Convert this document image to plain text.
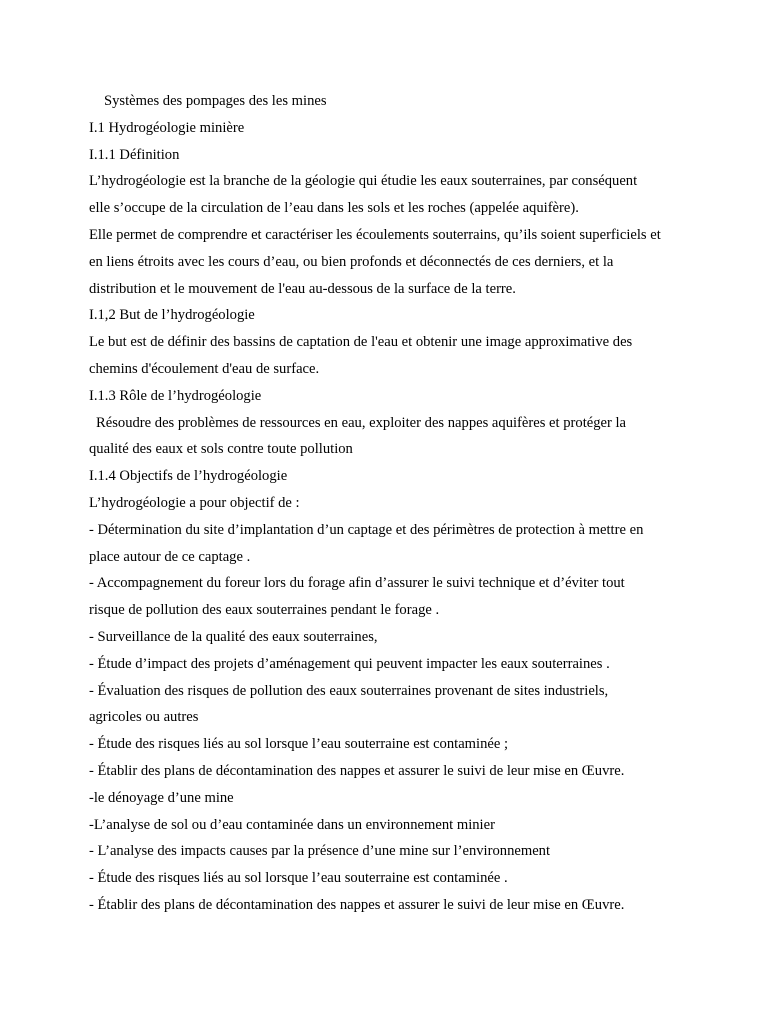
Systèmes des pompages des les mines
I.1 Hydrogéologie minière
I.1.1 Définition
L’hydrogéologie est la branche de la géologie qui étudie les eaux souterraines, par conséquent
elle s’occupe de la circulation de l’eau dans les sols et les roches (appelée aquifère).
Elle permet de comprendre et caractériser les écoulements souterrains, qu’ils soient superficiels et
en liens étroits avec les cours d’eau, ou bien profonds et déconnectés de ces derniers, et la
distribution et le mouvement de l'eau au-dessous de la surface de la terre.
I.1,2 But de l’hydrogéologie
Le but est de définir des bassins de captation de l'eau et obtenir une image approximative des
chemins d'écoulement d'eau de surface.
I.1.3 Rôle de l’hydrogéologie
Résoudre des problèmes de ressources en eau, exploiter des nappes aquifères et protéger la
qualité des eaux et sols contre toute pollution
I.1.4 Objectifs de l’hydrogéologie
L’hydrogéologie a pour objectif de :
- Détermination du site d’implantation d’un captage et des périmètres de protection à mettre en
place autour de ce captage .
- Accompagnement du foreur lors du forage afin d’assurer le suivi technique et d’éviter tout
risque de pollution des eaux souterraines pendant le forage .
- Surveillance de la qualité des eaux souterraines,
- Étude d’impact des projets d’aménagement qui peuvent impacter les eaux souterraines .
- Évaluation des risques de pollution des eaux souterraines provenant de sites industriels,
agricoles ou autres
- Étude des risques liés au sol lorsque l’eau souterraine est contaminée ;
- Établir des plans de décontamination des nappes et assurer le suivi de leur mise en Œuvre.
-le dénoyage d’une mine
-L’analyse de sol ou d’eau contaminée dans un environnement minier
- L’analyse des impacts causes par la présence d’une mine sur l’environnement
- Étude des risques liés au sol lorsque l’eau souterraine est contaminée .
- Établir des plans de décontamination des nappes et assurer le suivi de leur mise en Œuvre.
